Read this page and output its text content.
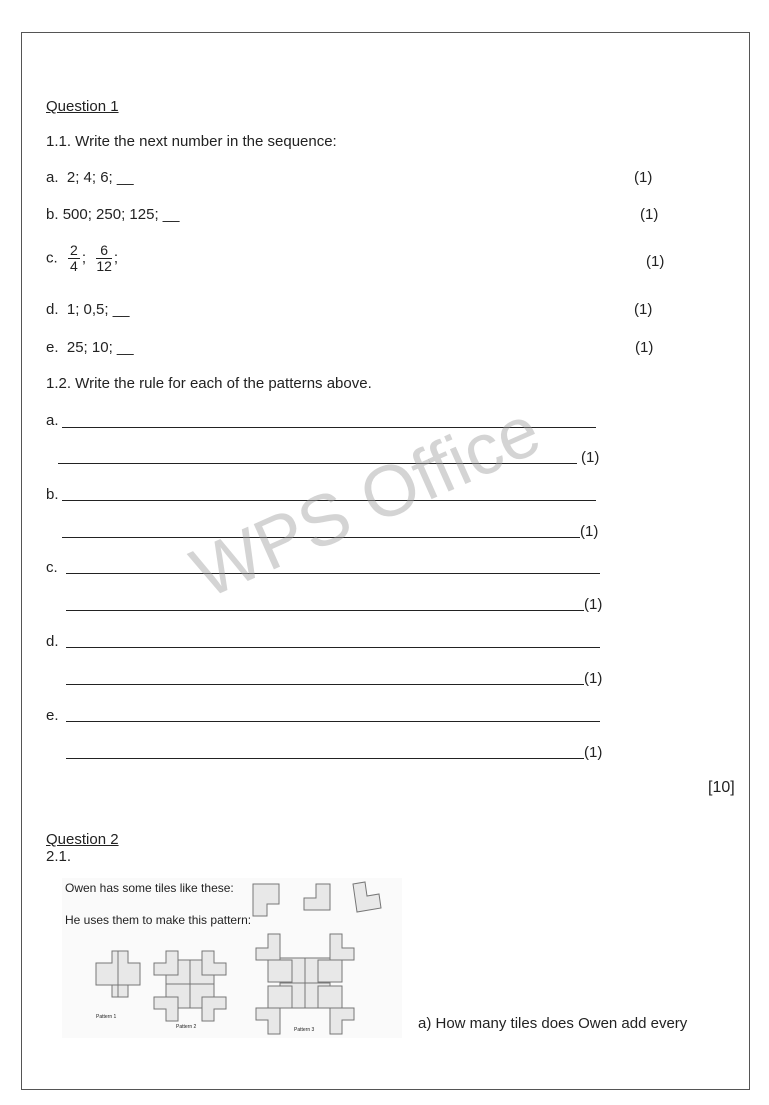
Question 1
1.1. Write the next number in the sequence:
a. 2; 4; 6; __	(1)
b. 500; 250; 125; __	(1)
c. $\frac{2}{4}$ ; $\frac{6}{12}$ ;	(1)
d. 1; 0,5; __	(1)
e. 25; 10; __	(1)
1.2. Write the rule for each of the patterns above.
a.
(1)
b.
(1)
c.
(1)
d.
(1)
e.
(1)
[10]
Question 2
2.1.
Owen has some tiles like these:
He uses them to make this pattern:
Pattern 1
Pattern 2	Pattern 3	a) How many tiles does Owen add every
WPS Office
